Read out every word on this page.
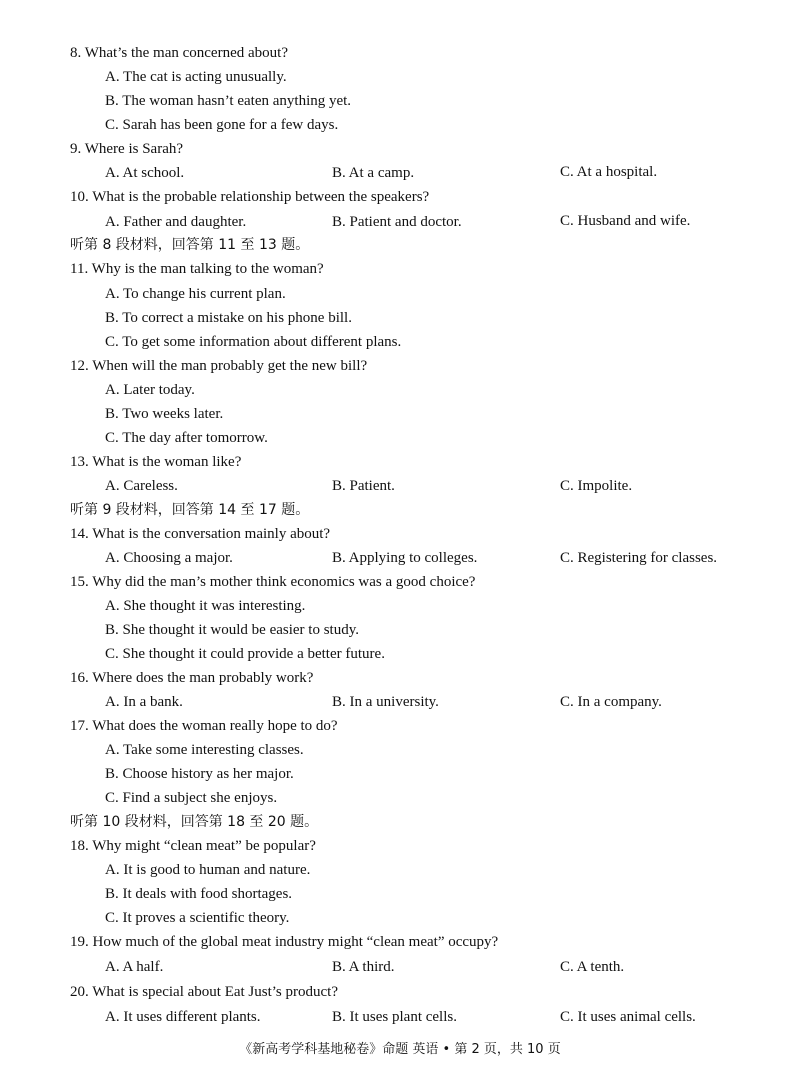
8. What’s the man concerned about?
A. The cat is acting unusually.
B. The woman hasn’t eaten anything yet.
C. Sarah has been gone for a few days.
9. Where is Sarah?
A. At school.	B. At a camp.	C. At a hospital.
10. What is the probable relationship between the speakers?
A. Father and daughter.	B. Patient and doctor.	C. Husband and wife.
听第 8 段材料，回答第 11 至 13 题。
11. Why is the man talking to the woman?
A. To change his current plan.
B. To correct a mistake on his phone bill.
C. To get some information about different plans.
12. When will the man probably get the new bill?
A. Later today.
B. Two weeks later.
C. The day after tomorrow.
13. What is the woman like?
A. Careless.	B. Patient.	C. Impolite.
听第 9 段材料，回答第 14 至 17 题。
14. What is the conversation mainly about?
A. Choosing a major.	B. Applying to colleges.	C. Registering for classes.
15. Why did the man’s mother think economics was a good choice?
A. She thought it was interesting.
B. She thought it would be easier to study.
C. She thought it could provide a better future.
16. Where does the man probably work?
A. In a bank.	B. In a university.	C. In a company.
17. What does the woman really hope to do?
A. Take some interesting classes.
B. Choose history as her major.
C. Find a subject she enjoys.
听第 10 段材料，回答第 18 至 20 题。
18. Why might “clean meat” be popular?
A. It is good to human and nature.
B. It deals with food shortages.
C. It proves a scientific theory.
19. How much of the global meat industry might “clean meat” occupy?
A. A half.	B. A third.	C. A tenth.
20. What is special about Eat Just’s product?
A. It uses different plants.	B. It uses plant cells.	C. It uses animal cells.
《新高考学科基地秘卷》命题 英语 • 第 2 页，共 10 页
